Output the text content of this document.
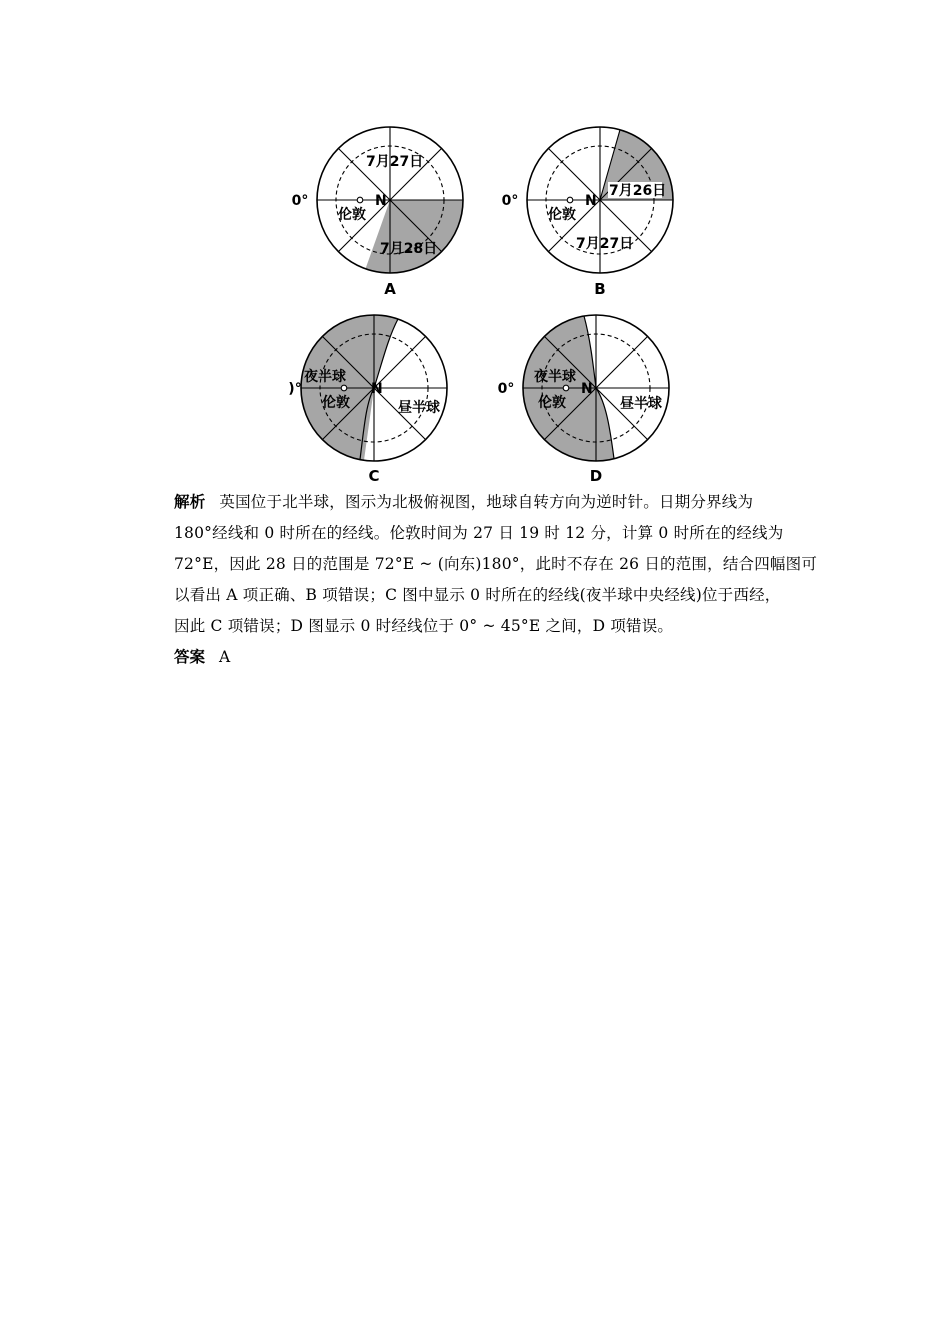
N
伦敦
0°
7月27日
7月28日
A
N
伦敦
0°
7月26日
7月27日
B
N
伦敦
)°
夜半球
昼半球
C
N
伦敦
0°
夜半球
昼半球
D
解析 英国位于北半球，图示为北极俯视图，地球自转方向为逆时针。日期分界线为
180°经线和 0 时所在的经线。伦敦时间为 27 日 19 时 12 分，计算 0 时所在的经线为
72°E，因此 28 日的范围是 72°E ~ (向东)180°，此时不存在 26 日的范围，结合四幅图可
以看出 A 项正确、B 项错误；C 图中显示 0 时所在的经线(夜半球中央经线)位于西经，
因此 C 项错误；D 图显示 0 时经线位于 0° ~ 45°E 之间，D 项错误。
答案 A
